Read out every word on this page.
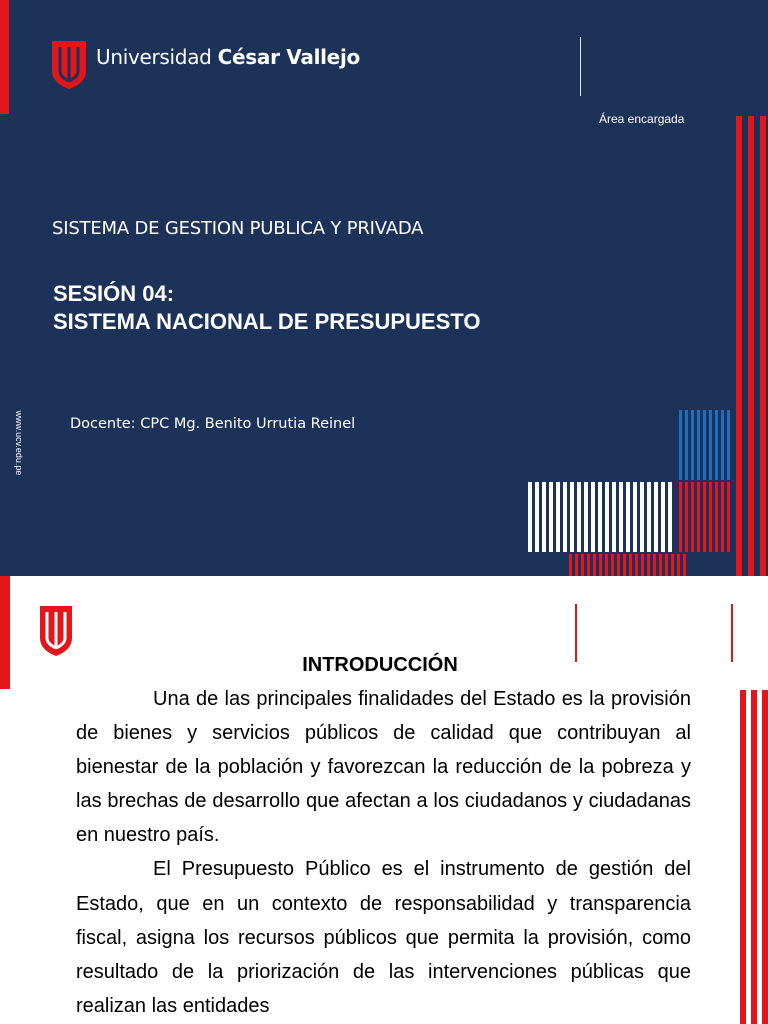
Universidad César Vallejo
Área encargada
SISTEMA DE GESTION PUBLICA Y PRIVADA
SESIÓN 04:
SISTEMA NACIONAL DE PRESUPUESTO
Docente: CPC Mg. Benito Urrutia Reinel
www.ucv.edu.pe
INTRODUCCIÓN

Una de las principales finalidades del Estado es la provisión de bienes y servicios públicos de calidad que contribuyan al bienestar de la población y favorezcan la reducción de la pobreza y las brechas de desarrollo que afectan a los ciudadanos y ciudadanas en nuestro país.

El Presupuesto Público es el instrumento de gestión del Estado, que en un contexto de responsabilidad y transparencia fiscal, asigna los recursos públicos que permita la provisión, como resultado de la priorización de las intervenciones públicas que realizan las entidades
